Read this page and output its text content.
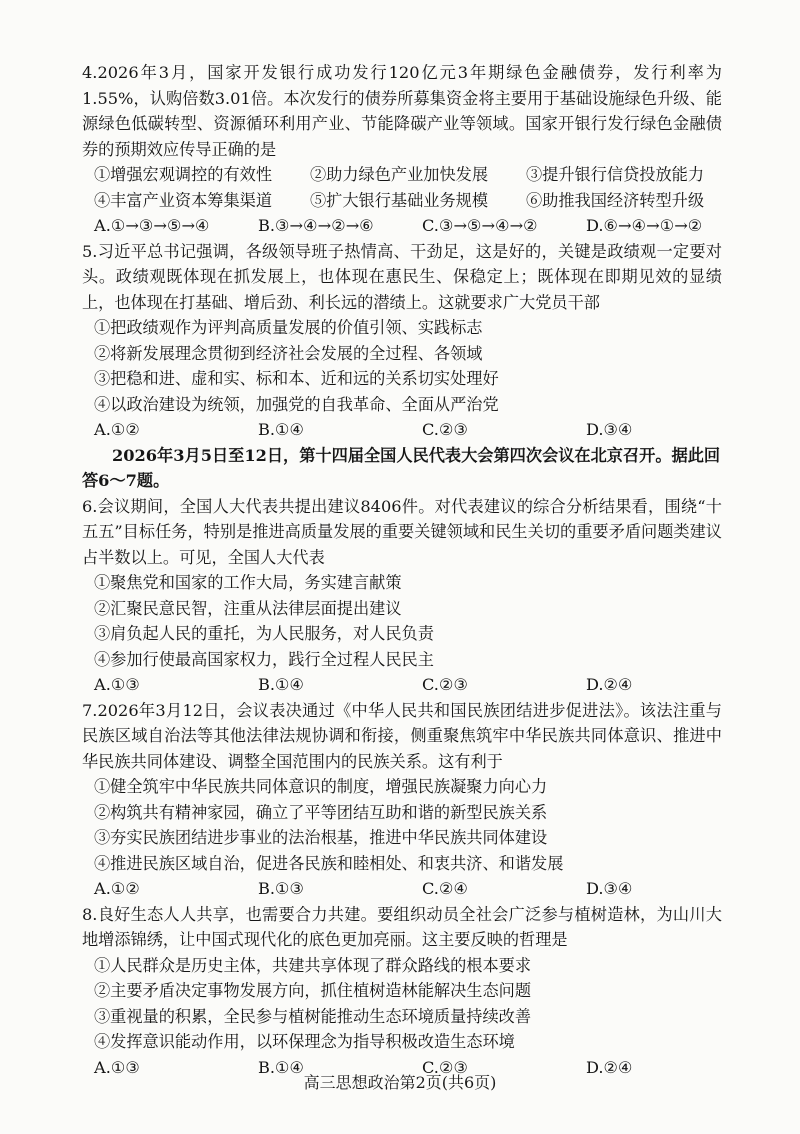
4.2026年3月，国家开发银行成功发行120亿元3年期绿色金融债券，发行利率为1.55%，认购倍数3.01倍。本次发行的债券所募集资金将主要用于基础设施绿色升级、能源绿色低碳转型、资源循环利用产业、节能降碳产业等领域。国家开银行发行绿色金融债券的预期效应传导正确的是

①增强宏观调控的有效性	②助力绿色产业加快发展	③提升银行信贷投放能力
④丰富产业资本筹集渠道	⑤扩大银行基础业务规模	⑥助推我国经济转型升级
A.①→③→⑤→④	B.③→④→②→⑥	C.③→⑤→④→②	D.⑥→④→①→②

5.习近平总书记强调，各级领导班子热情高、干劲足，这是好的，关键是政绩观一定要对头。政绩观既体现在抓发展上，也体现在惠民生、保稳定上；既体现在即期见效的显绩上，也体现在打基础、增后劲、利长远的潜绩上。这就要求广大党员干部

①把政绩观作为评判高质量发展的价值引领、实践标志

②将新发展理念贯彻到经济社会发展的全过程、各领域

③把稳和进、虚和实、标和本、近和远的关系切实处理好

④以政治建设为统领，加强党的自我革命、全面从严治党

A.①②	B.①④	C.②③	D.③④

2026年3月5日至12日，第十四届全国人民代表大会第四次会议在北京召开。据此回答6～7题。

6.会议期间，全国人大代表共提出建议8406件。对代表建议的综合分析结果看，围绕“十五五”目标任务，特别是推进高质量发展的重要关键领域和民生关切的重要矛盾问题类建议占半数以上。可见，全国人大代表

①聚焦党和国家的工作大局，务实建言献策

②汇聚民意民智，注重从法律层面提出建议

③肩负起人民的重托，为人民服务，对人民负责

④参加行使最高国家权力，践行全过程人民民主

A.①③	B.①④	C.②③	D.②④

7.2026年3月12日，会议表决通过《中华人民共和国民族团结进步促进法》。该法注重与民族区域自治法等其他法律法规协调和衔接，侧重聚焦筑牢中华民族共同体意识、推进中华民族共同体建设、调整全国范围内的民族关系。这有利于

①健全筑牢中华民族共同体意识的制度，增强民族凝聚力向心力

②构筑共有精神家园，确立了平等团结互助和谐的新型民族关系

③夯实民族团结进步事业的法治根基，推进中华民族共同体建设

④推进民族区域自治，促进各民族和睦相处、和衷共济、和谐发展

A.①②	B.①③	C.②④	D.③④

8.良好生态人人共享，也需要合力共建。要组织动员全社会广泛参与植树造林，为山川大地增添锦绣，让中国式现代化的底色更加亮丽。这主要反映的哲理是

①人民群众是历史主体，共建共享体现了群众路线的根本要求

②主要矛盾决定事物发展方向，抓住植树造林能解决生态问题

③重视量的积累，全民参与植树能推动生态环境质量持续改善

④发挥意识能动作用，以环保理念为指导积极改造生态环境

A.①③	B.①④	C.②③	D.②④
高三思想政治第2页(共6页)
